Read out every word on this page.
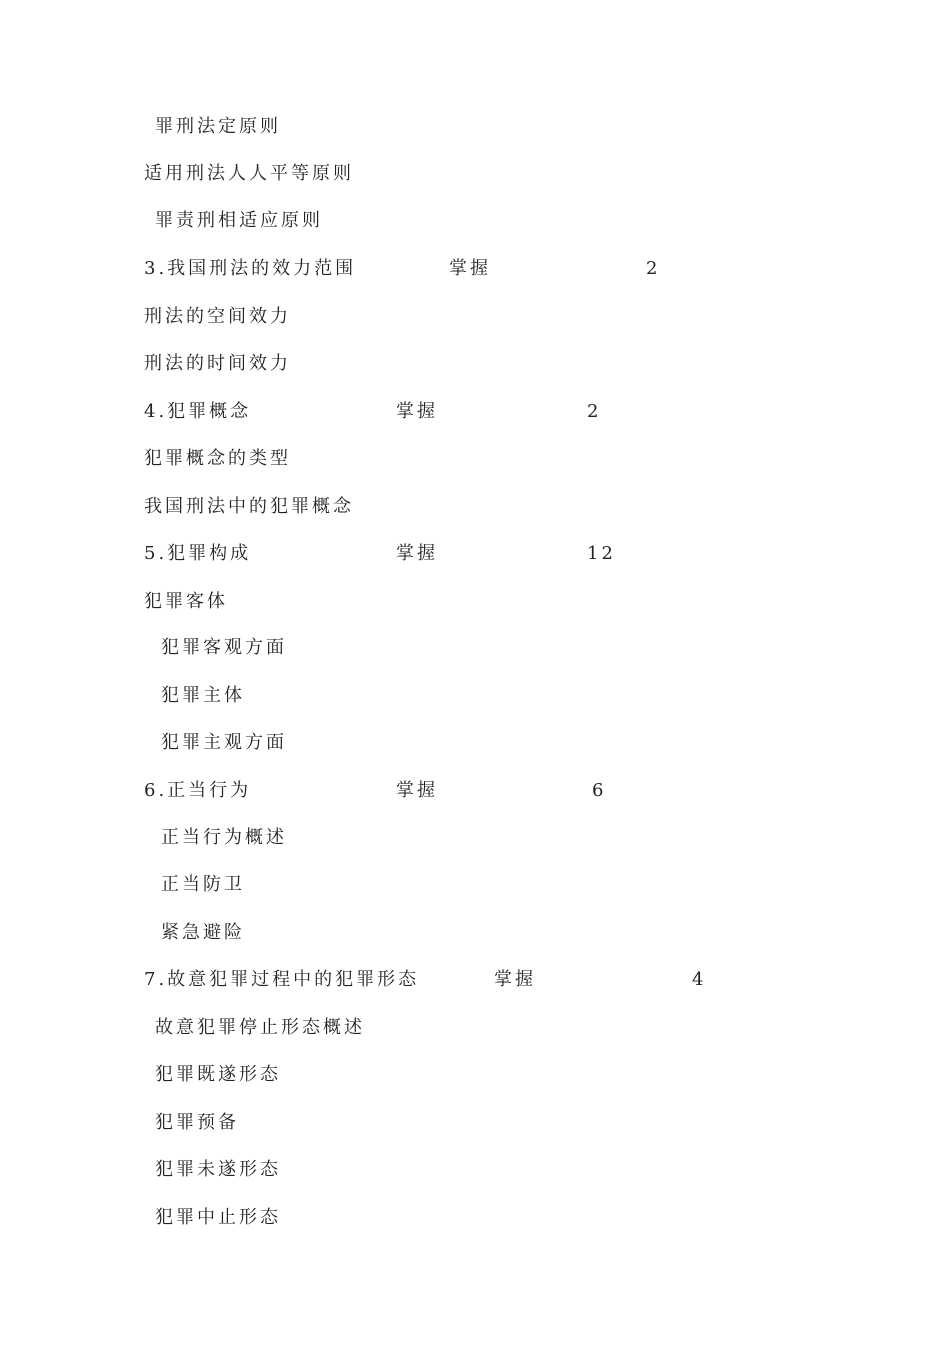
罪刑法定原则
适用刑法人人平等原则
罪责刑相适应原则
3.我国刑法的效力范围	掌握	2
刑法的空间效力
刑法的时间效力
4.犯罪概念	掌握	2
犯罪概念的类型
我国刑法中的犯罪概念
5.犯罪构成	掌握	12
犯罪客体
犯罪客观方面
犯罪主体
犯罪主观方面
6.正当行为	掌握	6
正当行为概述
正当防卫
紧急避险
7.故意犯罪过程中的犯罪形态	掌握	4
故意犯罪停止形态概述
犯罪既遂形态
犯罪预备
犯罪未遂形态
犯罪中止形态
